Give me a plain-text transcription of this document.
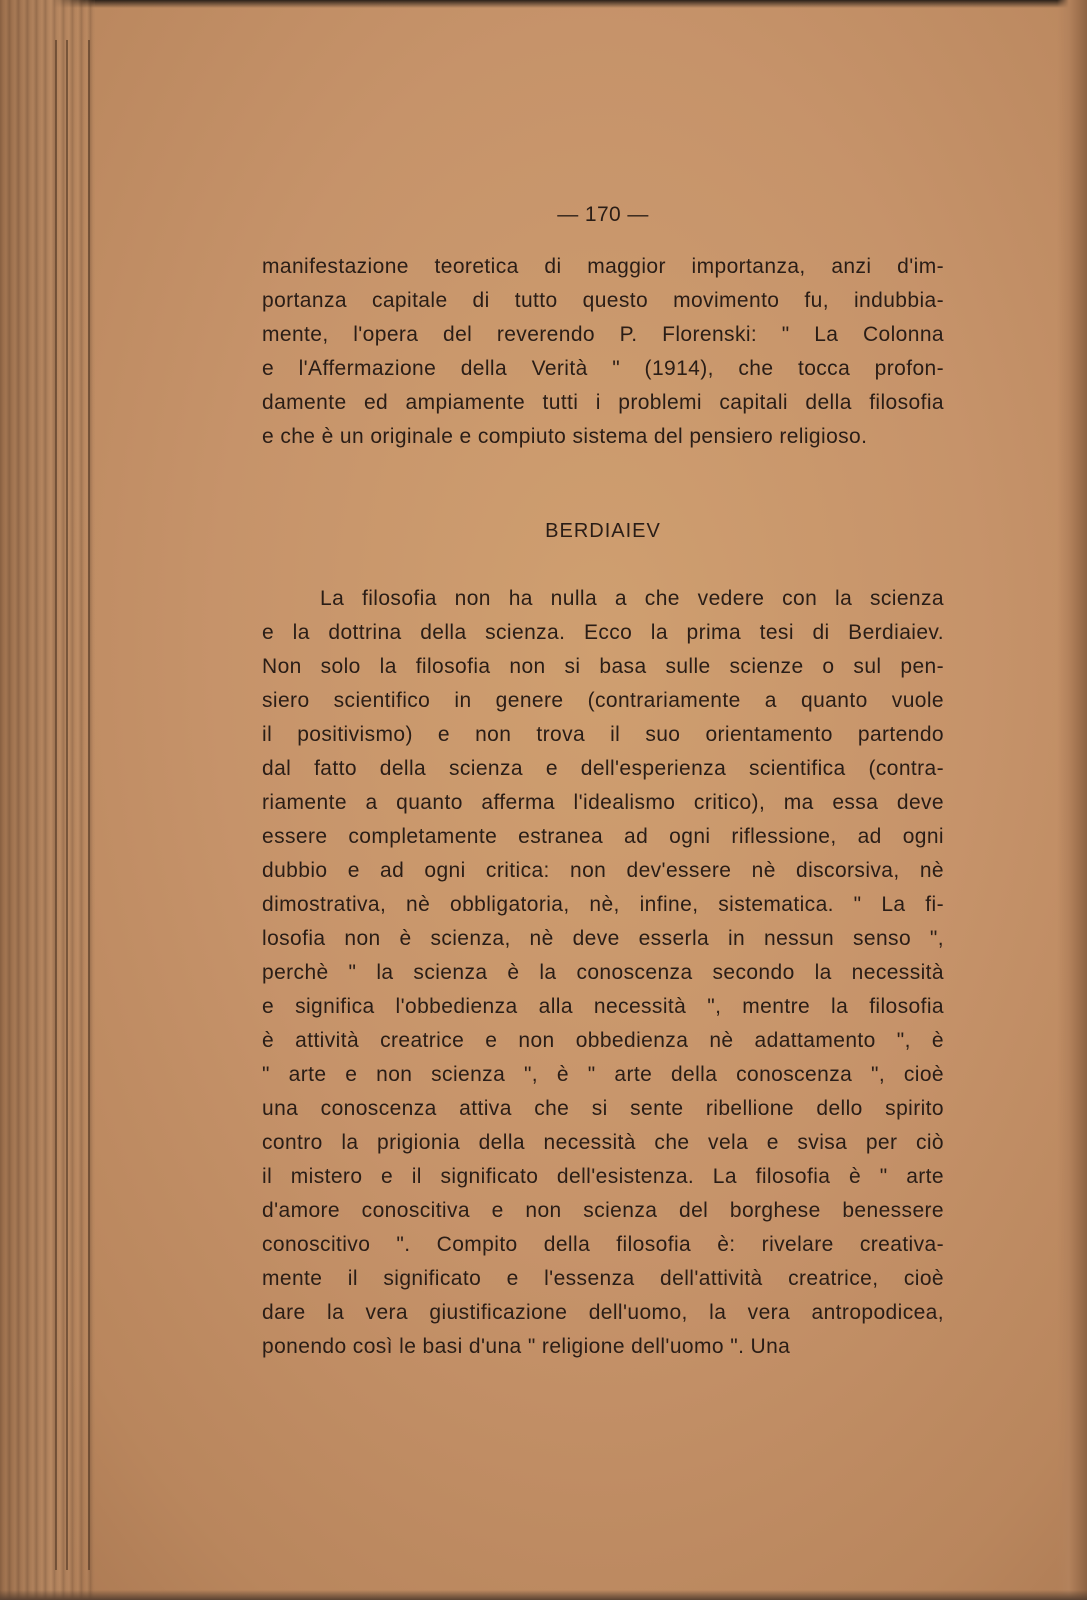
— 170 —
manifestazione teoretica di maggior importanza, anzi d'im-
portanza capitale di tutto questo movimento fu, indubbia-
mente, l'opera del reverendo P. Florenski: " La Colonna
e l'Affermazione della Verità " (1914), che tocca profon-
damente ed ampiamente tutti i problemi capitali della filosofia
e che è un originale e compiuto sistema del pensiero religioso.
BERDIAIEV
La filosofia non ha nulla a che vedere con la scienza
e la dottrina della scienza. Ecco la prima tesi di Berdiaiev.
Non solo la filosofia non si basa sulle scienze o sul pen-
siero scientifico in genere (contrariamente a quanto vuole
il positivismo) e non trova il suo orientamento partendo
dal fatto della scienza e dell'esperienza scientifica (contra-
riamente a quanto afferma l'idealismo critico), ma essa deve
essere completamente estranea ad ogni riflessione, ad ogni
dubbio e ad ogni critica: non dev'essere nè discorsiva, nè
dimostrativa, nè obbligatoria, nè, infine, sistematica. " La fi-
losofia non è scienza, nè deve esserla in nessun senso ",
perchè " la scienza è la conoscenza secondo la necessità
e significa l'obbedienza alla necessità ", mentre la filosofia
è attività creatrice e non obbedienza nè adattamento ", è
" arte e non scienza ", è " arte della conoscenza ", cioè
una conoscenza attiva che si sente ribellione dello spirito
contro la prigionia della necessità che vela e svisa per ciò
il mistero e il significato dell'esistenza. La filosofia è " arte
d'amore conoscitiva e non scienza del borghese benessere
conoscitivo ". Compito della filosofia è: rivelare creativa-
mente il significato e l'essenza dell'attività creatrice, cioè
dare la vera giustificazione dell'uomo, la vera antropodicea,
ponendo così le basi d'una " religione dell'uomo ". Una
